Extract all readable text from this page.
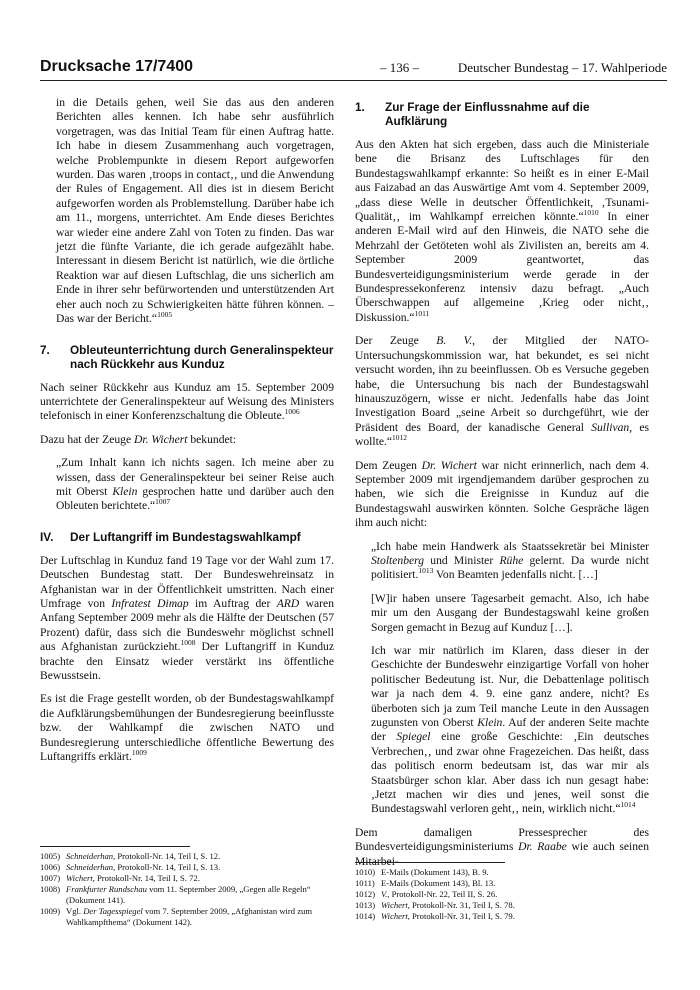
Drucksache 17/7400	– 136 –	Deutscher Bundestag – 17. Wahlperiode

in die Details gehen, weil Sie das aus den anderen Berichten alles kennen. Ich habe sehr ausführlich vorgetragen, was das Initial Team für einen Auftrag hatte. Ich habe in diesem Zusammenhang auch vorgetragen, welche Problempunkte in diesem Report aufgeworfen wurden. Das waren ‚troops in contact‚‚ und die Anwendung der Rules of Engagement. All dies ist in diesem Bericht aufgeworfen worden als Problemstellung. Darüber habe ich am 11., morgens, unterrichtet. Am Ende dieses Berichtes war wieder eine andere Zahl von Toten zu finden. Das war jetzt die fünfte Variante, die ich gerade aufgezählt habe. Interessant in diesem Bericht ist natürlich, wie die örtliche Reaktion war auf diesen Luftschlag, die uns sicherlich am Ende in ihrer sehr befürwortenden und unterstützenden Art eher auch noch zu Schwierigkeiten hätte führen können. – Das war der Bericht.“$^{1005}$

7.	Obleuteunterrichtung durch Generalinspekteur nach Rückkehr aus Kunduz

Nach seiner Rückkehr aus Kunduz am 15. September 2009 unterrichtete der Generalinspekteur auf Weisung des Ministers telefonisch in einer Konferenzschaltung die Obleute.$^{1006}$

Dazu hat der Zeuge Dr. Wichert bekundet:

„Zum Inhalt kann ich nichts sagen. Ich meine aber zu wissen, dass der Generalinspekteur bei seiner Reise auch mit Oberst Klein gesprochen hatte und darüber auch den Obleuten berichtete.“$^{1007}$

IV.	Der Luftangriff im Bundestagswahlkampf

Der Luftschlag in Kunduz fand 19 Tage vor der Wahl zum 17. Deutschen Bundestag statt. Der Bundeswehreinsatz in Afghanistan war in der Öffentlichkeit umstritten. Nach einer Umfrage von Infratest Dimap im Auftrag der ARD waren Anfang September 2009 mehr als die Hälfte der Deutschen (57 Prozent) dafür, dass sich die Bundeswehr möglichst schnell aus Afghanistan zurückzieht.$^{1008}$ Der Luftangriff in Kunduz brachte den Einsatz wieder verstärkt ins öffentliche Bewusstsein.

Es ist die Frage gestellt worden, ob der Bundestagswahlkampf die Aufklärungsbemühungen der Bundesregierung beeinflusste bzw. der Wahlkampf die zwischen NATO und Bundesregierung unterschiedliche öffentliche Bewertung des Luftangriffs erklärt.$^{1009}$

1.	Zur Frage der Einflussnahme auf die Aufklärung

Aus den Akten hat sich ergeben, dass auch die Ministeriale bene die Brisanz des Luftschlages für den Bundestagswahlkampf erkannte: So heißt es in einer E-Mail aus Faizabad an das Auswärtige Amt vom 4. September 2009, „dass diese Welle in deutscher Öffentlichkeit, ‚Tsunami-Qualität‚‚ im Wahlkampf erreichen könnte.“$^{1010}$ In einer anderen E-Mail wird auf den Hinweis, die NATO sehe die Mehrzahl der Getöteten wohl als Zivilisten an, bereits am 4. September 2009 geantwortet, das Bundesverteidigungsministerium werde gerade in der Bundespressekonferenz intensiv dazu befragt. „Auch Überschwappen auf allgemeine ‚Krieg oder nicht‚‚ Diskussion.“$^{1011}$

Der Zeuge B. V., der Mitglied der NATO-Untersuchungskommission war, hat bekundet, es sei nicht versucht worden, ihn zu beeinflussen. Ob es Versuche gegeben habe, die Untersuchung bis nach der Bundestagswahl hinauszuzögern, wisse er nicht. Jedenfalls habe das Joint Investigation Board „seine Arbeit so durchgeführt, wie der Präsident des Board, der kanadische General Sullivan, es wollte.“$^{1012}$

Dem Zeugen Dr. Wichert war nicht erinnerlich, nach dem 4. September 2009 mit irgendjemandem darüber gesprochen zu haben, wie sich die Ereignisse in Kunduz auf die Bundestagswahl auswirken könnten. Solche Gespräche lägen ihm auch nicht:

„Ich habe mein Handwerk als Staatssekretär bei Minister Stoltenberg und Minister Rühe gelernt. Da wurde nicht politisiert.$^{1013}$ Von Beamten jedenfalls nicht. […]

[W]ir haben unsere Tagesarbeit gemacht. Also, ich habe mir um den Ausgang der Bundestagswahl keine großen Sorgen gemacht in Bezug auf Kunduz […].

Ich war mir natürlich im Klaren, dass dieser in der Geschichte der Bundeswehr einzigartige Vorfall von hoher politischer Bedeutung ist. Nur, die Debattenlage politisch war ja nach dem 4. 9. eine ganz andere, nicht? Es überboten sich ja zum Teil manche Leute in den Aussagen zugunsten von Oberst Klein. Auf der anderen Seite machte der Spiegel eine große Geschichte: ‚Ein deutsches Verbrechen‚‚ und zwar ohne Fragezeichen. Das heißt, dass das politisch enorm bedeutsam ist, das war mir als Staatsbürger schon klar. Aber dass ich nun gesagt habe: ‚Jetzt machen wir dies und jenes, weil sonst die Bundestagswahl verloren geht‚‚ nein, wirklich nicht.“$^{1014}$

Dem damaligen Pressesprecher des Bundesverteidigungsministeriums Dr. Raabe wie auch seinen Mitarbei-

1005) Schneiderhan, Protokoll-Nr. 14, Teil I, S. 12.
1006) Schneiderhan, Protokoll-Nr. 14, Teil I, S. 13.
1007) Wichert, Protokoll-Nr. 14, Teil I, S. 72.
1008) Frankfurter Rundschau vom 11. September 2009, „Gegen alle Regeln“ (Dokument 141).
1009) Vgl. Der Tagesspiegel vom 7. September 2009, „Afghanistan wird zum Wahlkampfthema“ (Dokument 142).
1010) E-Mails (Dokument 143), B. 9.
1011) E-Mails (Dokument 143), Bl. 13.
1012) V., Protokoll-Nr. 22, Teil II, S. 26.
1013) Wichert, Protokoll-Nr. 31, Teil I, S. 78.
1014) Wichert, Protokoll-Nr. 31, Teil I, S. 79.
